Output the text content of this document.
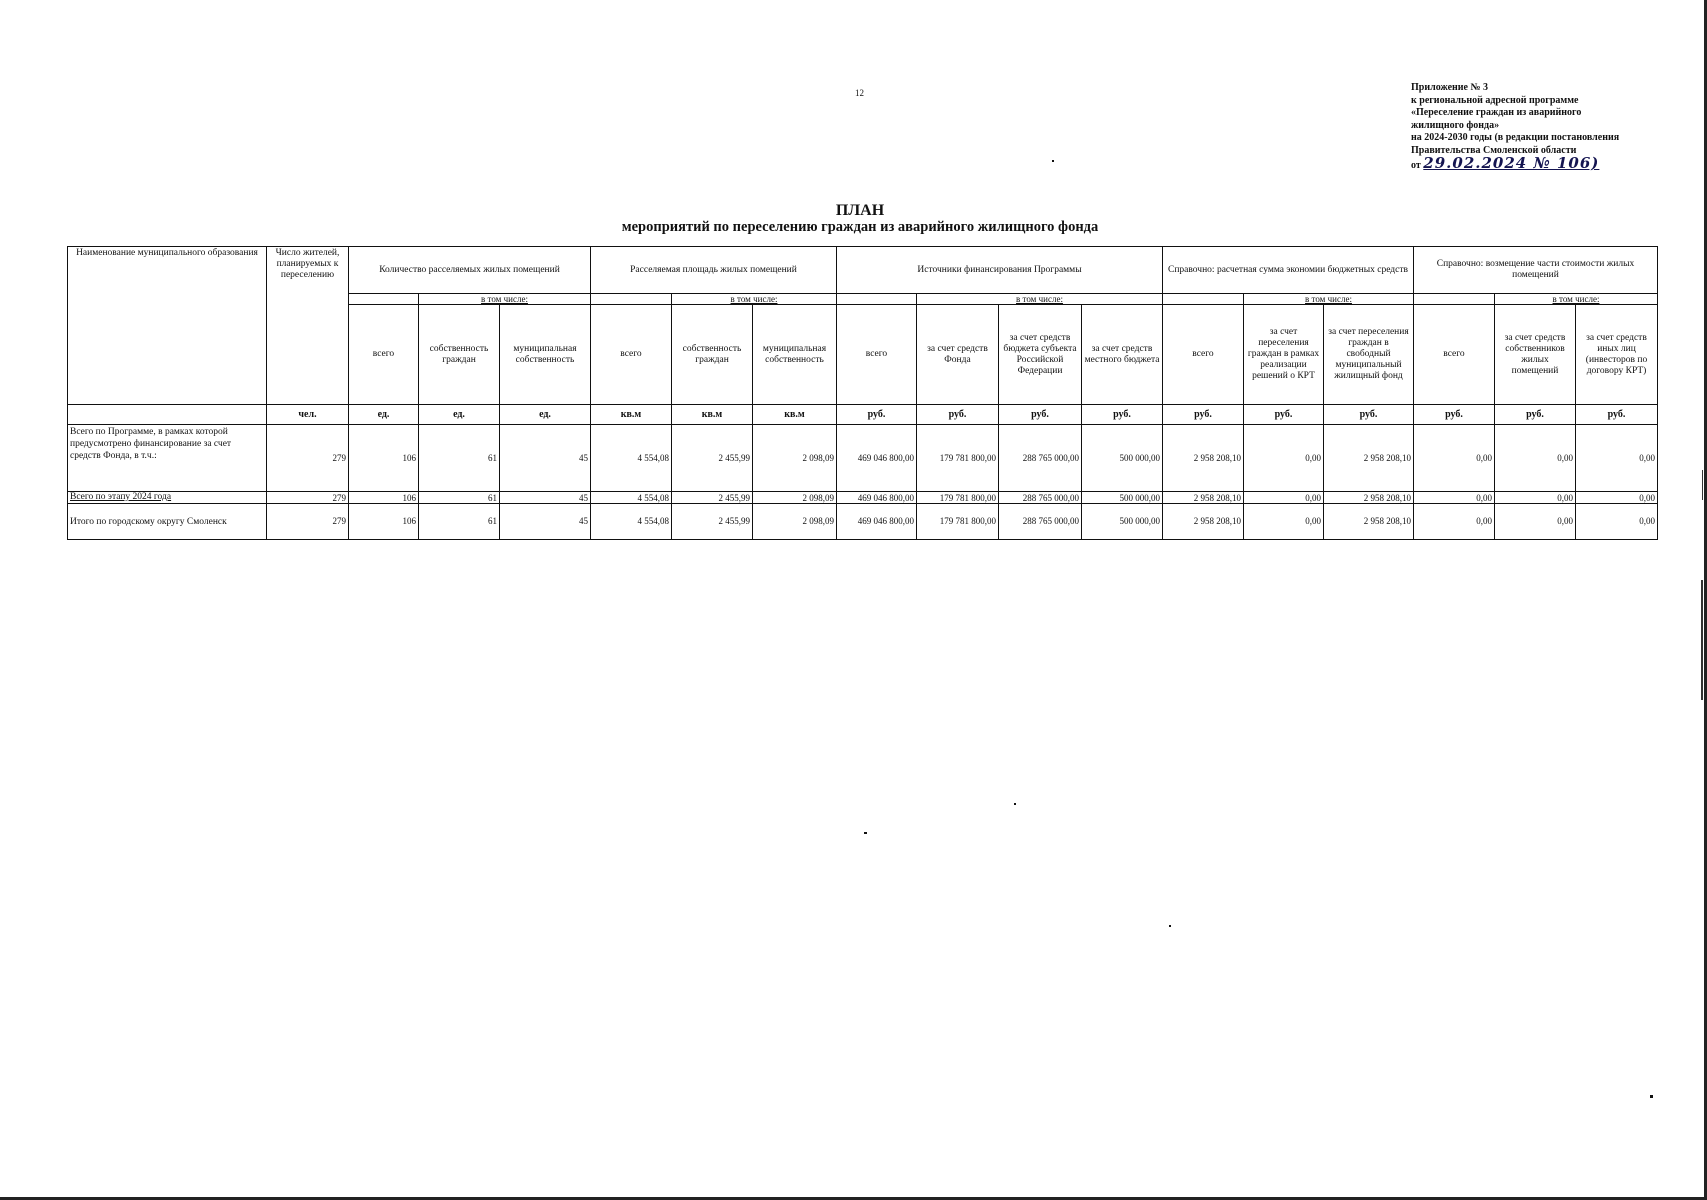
12	Приложение № 3
к региональной адресной программе
«Переселение граждан из аварийного
жилищного фонда»
на 2024-2030 годы (в редакции постановления
Правительства Смоленской области
от 29.02.2024 № 106)
ПЛАН
мероприятий по переселению граждан из аварийного жилищного фонда
Наименование муниципального образования	Число жителей, планируемых к переселению	Количество расселяемых жилых помещений			Расселяемая площадь жилых помещений			Источники финансирования Программы				Справочно: расчетная сумма экономии бюджетных средств			Справочно: возмещение части стоимости жилых помещений		
			в том числе:			в том числе:			в том числе:				в том числе:			в том числе:	
		всего	собственность граждан	муниципальная собственность	всего	собственность граждан	муниципальная собственность	всего	за счет средств Фонда	за счет средств бюджета субъекта Российской Федерации	за счет средств местного бюджета	всего	за счет переселения граждан в рамках реализации решений о КРТ	за счет переселения граждан в свободный муниципальный жилищный фонд	всего	за счет средств собственников жилых помещений	за счет средств иных лиц (инвесторов по договору КРТ)
	чел.	ед.	ед.	ед.	кв.м	кв.м	кв.м	руб.	руб.	руб.	руб.	руб.	руб.	руб.	руб.	руб.	руб.
Всего по Программе, в рамках которой предусмотрено финансирование за счет средств Фонда, в т.ч.:	279	106	61	45	4 554,08	2 455,99	2 098,09	469 046 800,00	179 781 800,00	288 765 000,00	500 000,00	2 958 208,10	0,00	2 958 208,10	0,00	0,00	0,00
Всего по этапу 2024 года	279	106	61	45	4 554,08	2 455,99	2 098,09	469 046 800,00	179 781 800,00	288 765 000,00	500 000,00	2 958 208,10	0,00	2 958 208,10	0,00	0,00	0,00
Итого по городскому округу Смоленск	279	106	61	45	4 554,08	2 455,99	2 098,09	469 046 800,00	179 781 800,00	288 765 000,00	500 000,00	2 958 208,10	0,00	2 958 208,10	0,00	0,00	0,00
